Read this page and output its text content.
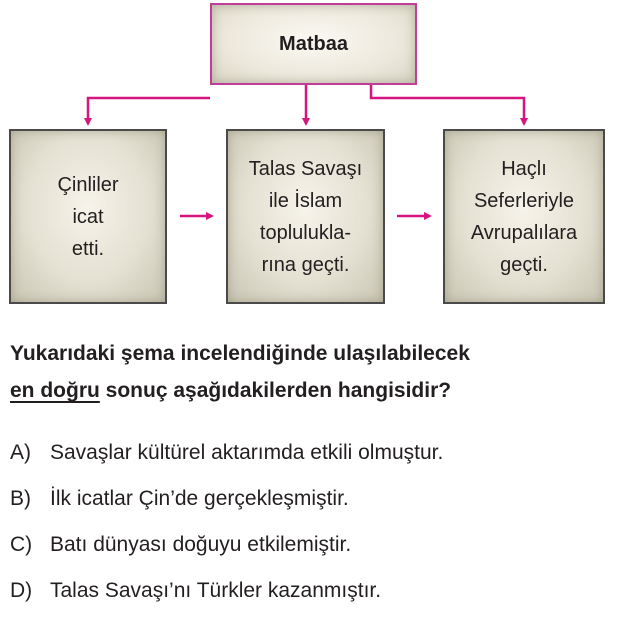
Matbaa
Çinliler
icat
etti.
Talas Savaşı
ile İslam
topluluklа-
rına geçti.
Haçlı
Seferleriyle
Avrupalılara
geçti.
Yukarıdaki şema incelendiğinde ulaşılabilecek
en doğru sonuç aşağıdakilerden hangisidir?
A) Savaşlar kültürel aktarımda etkili olmuştur.
B) İlk icatlar Çin’de gerçekleşmiştir.
C) Batı dünyası doğuyu etkilemiştir.
D) Talas Savaşı’nı Türkler kazanmıştır.
